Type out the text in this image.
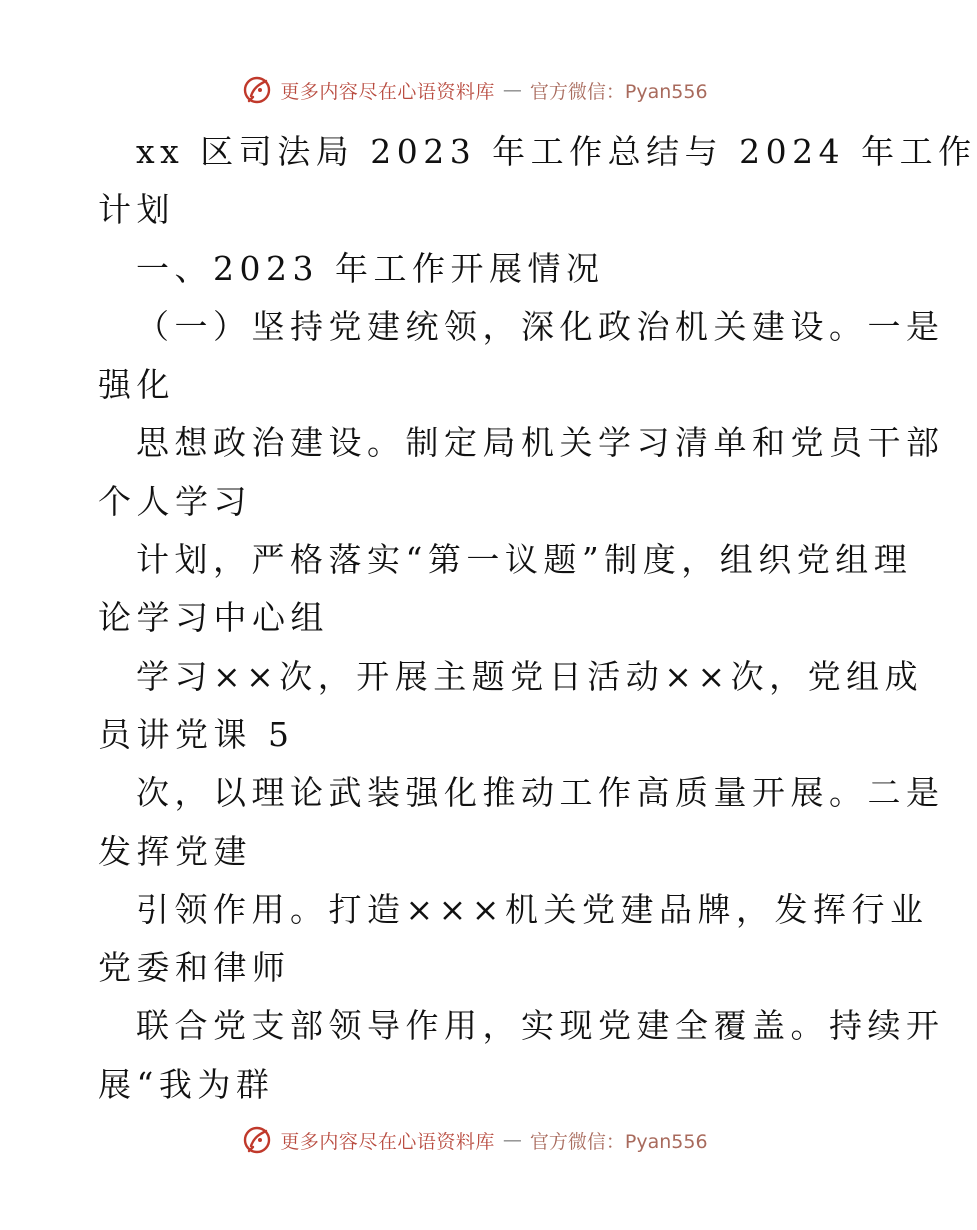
更多内容尽在心语资料库 — 官方微信：Pyan556
xx 区司法局 2023 年工作总结与 2024 年工作
计划
一、2023 年工作开展情况
（一）坚持党建统领，深化政治机关建设。一是
强化
思想政治建设。制定局机关学习清单和党员干部
个人学习
计划，严格落实“第一议题”制度，组织党组理
论学习中心组
学习××次，开展主题党日活动××次，党组成
员讲党课 5
次，以理论武装强化推动工作高质量开展。二是
发挥党建
引领作用。打造×××机关党建品牌，发挥行业
党委和律师
联合党支部领导作用，实现党建全覆盖。持续开
展“我为群
更多内容尽在心语资料库 — 官方微信：Pyan556
